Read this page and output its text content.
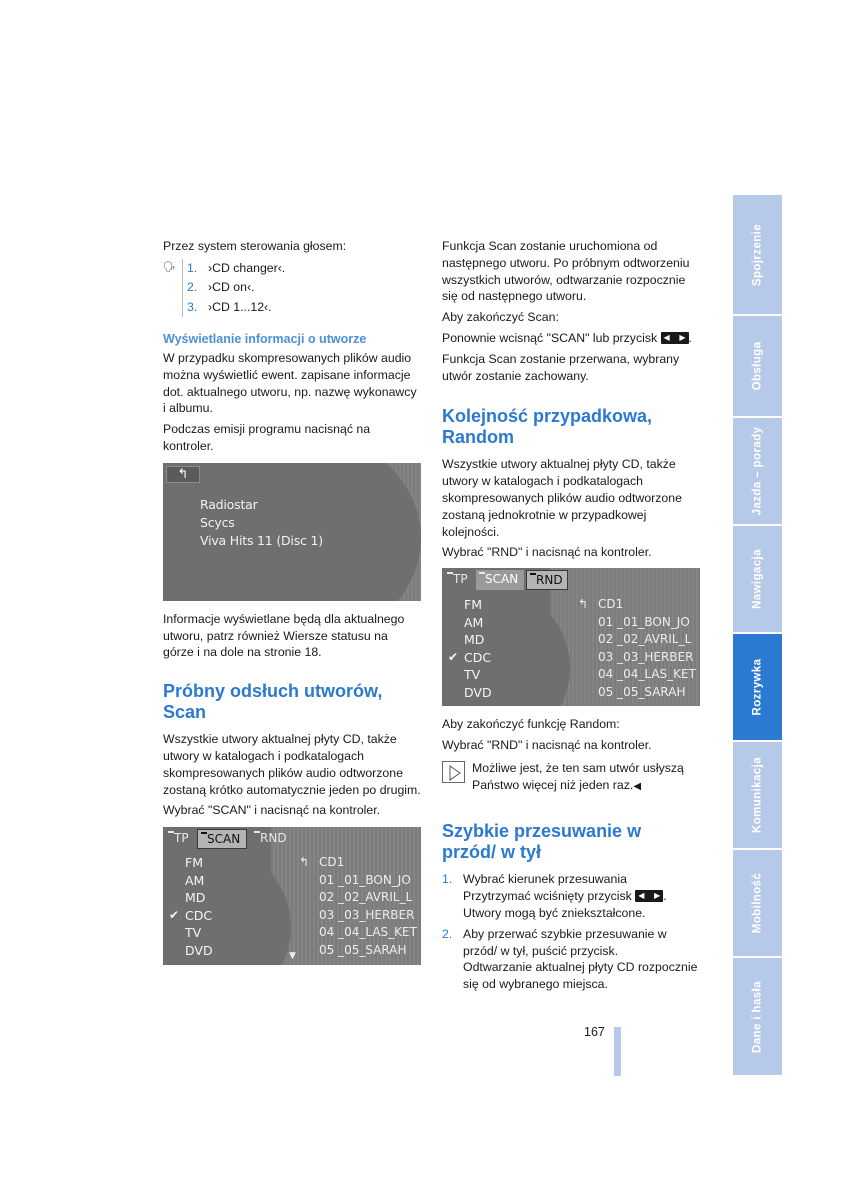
Przez system sterowania głosem:

🗣 1. ›CD changer‹.
2. ›CD on‹.
3. ›CD 1...12‹.
Wyświetlanie informacji o utworze

W przypadku skompresowanych plików audio można wyświetlić ewent. zapisane informacje dot. aktualnego utworu, np. nazwę wykonawcy i albumu.

Podczas emisji programu nacisnąć na kontroler.

↰
Radiostar
Scycs
Viva Hits 11 (Disc 1)

Informacje wyświetlane będą dla aktualnego utworu, patrz również Wiersze statusu na górze i na dole na stronie 18.

Próbny odsłuch utworów, Scan

Wszystkie utwory aktualnej płyty CD, także utwory w katalogach i podkatalogach skompresowanych plików audio odtworzone zostaną krótko automatycznie jeden po drugim.

Wybrać "SCAN" i nacisnąć na kontroler.

TP	SCAN	RND
FM
AM
MD
✔ CDC
TV
DVD
↰ CD1
01 _01_BON_JO
02 _02_AVRIL_L
03 _03_HERBER
04 _04_LAS_KET
05 _05_SARAH
▼

Funkcja Scan zostanie uruchomiona od następnego utworu. Po próbnym odtworzeniu wszystkich utworów, odtwarzanie rozpocznie się od następnego utworu.

Aby zakończyć Scan:

Ponownie wcisnąć "SCAN" lub przycisk ◀ ▶ .

Funkcja Scan zostanie przerwana, wybrany utwór zostanie zachowany.

Kolejność przypadkowa, Random

Wszystkie utwory aktualnej płyty CD, także utwory w katalogach i podkatalogach skompresowanych plików audio odtworzone zostaną jednokrotnie w przypadkowej kolejności.

Wybrać "RND" i nacisnąć na kontroler.

TP	SCAN	RND
FM
AM
MD
✔ CDC
TV
DVD
↰ CD1
01 _01_BON_JO
02 _02_AVRIL_L
03 _03_HERBER
04 _04_LAS_KET
05 _05_SARAH

Aby zakończyć funkcję Random:

Wybrać "RND" i nacisnąć na kontroler.

Możliwe jest, że ten sam utwór usłyszą Państwo więcej niż jeden raz.◀
Szybkie przesuwanie w przód/ w tył
1. Wybrać kierunek przesuwania
Przytrzymać wciśnięty przycisk ◀ ▶ .
Utwory mogą być zniekształcone.
2. Aby przerwać szybkie przesuwanie w przód/ w tył, puścić przycisk.
Odtwarzanie aktualnej płyty CD rozpocznie się od wybranego miejsca.
167
Spojrzenie
Obsługa
Jazda – porady
Nawigacja
Rozrywka
Komunikacja
Mobilność
Dane i hasła
